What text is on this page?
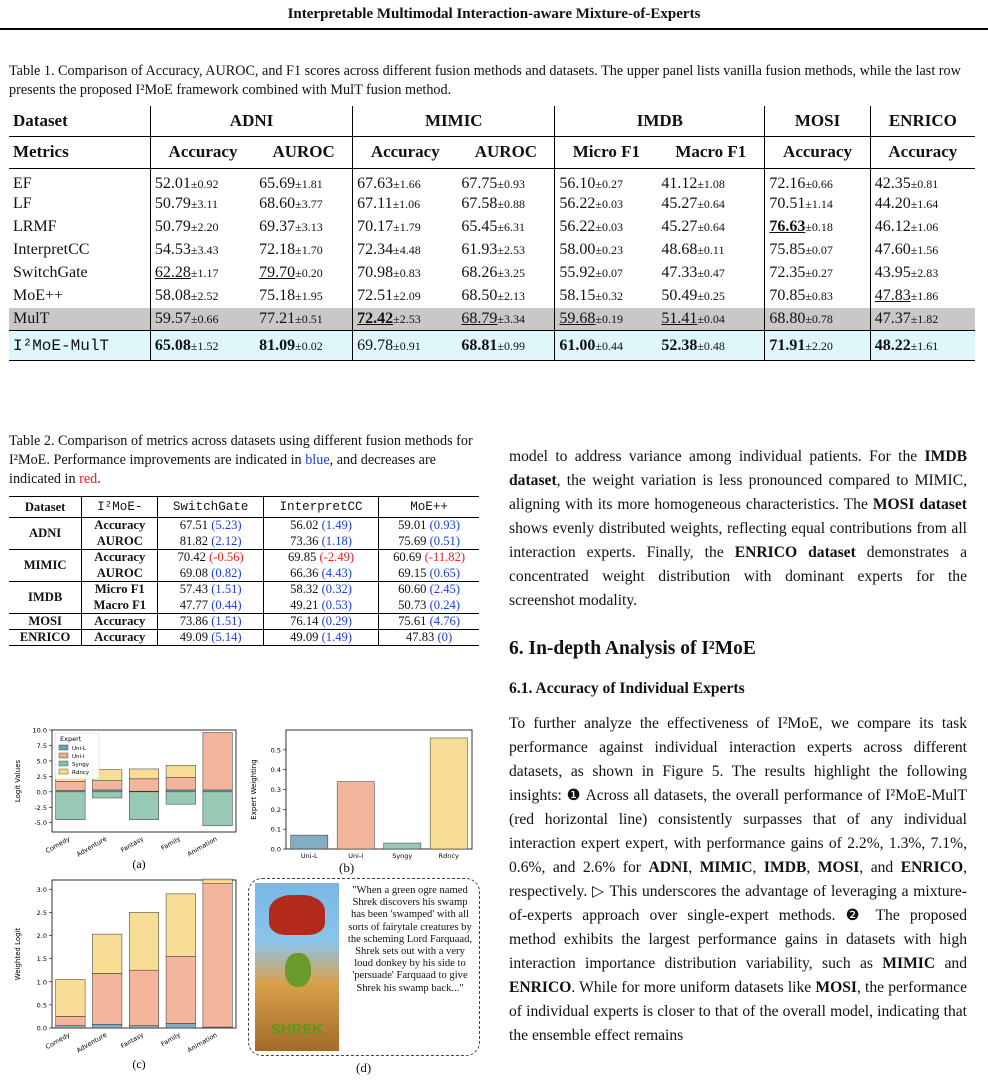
Interpretable Multimodal Interaction-aware Mixture-of-Experts
Table 1. Comparison of Accuracy, AUROC, and F1 scores across different fusion methods and datasets. The upper panel lists vanilla fusion methods, while the last row presents the proposed I²MoE framework combined with MulT fusion method.
Dataset	ADNI		MIMIC		IMDB		MOSI	ENRICO
Metrics	Accuracy	AUROC	Accuracy	AUROC	Micro F1	Macro F1	Accuracy	Accuracy
EF	52.01±0.92	65.69±1.81	67.63±1.66	67.75±0.93	56.10±0.27	41.12±1.08	72.16±0.66	42.35±0.81
LF	50.79±3.11	68.60±3.77	67.11±1.06	67.58±0.88	56.22±0.03	45.27±0.64	70.51±1.14	44.20±1.64
LRMF	50.79±2.20	69.37±3.13	70.17±1.79	65.45±6.31	56.22±0.03	45.27±0.64	76.63±0.18	46.12±1.06
InterpretCC	54.53±3.43	72.18±1.70	72.34±4.48	61.93±2.53	58.00±0.23	48.68±0.11	75.85±0.07	47.60±1.56
SwitchGate	62.28±1.17	79.70±0.20	70.98±0.83	68.26±3.25	55.92±0.07	47.33±0.47	72.35±0.27	43.95±2.83
MoE++	58.08±2.52	75.18±1.95	72.51±2.09	68.50±2.13	58.15±0.32	50.49±0.25	70.85±0.83	47.83±1.86
MulT	59.57±0.66	77.21±0.51	72.42±2.53	68.79±3.34	59.68±0.19	51.41±0.04	68.80±0.78	47.37±1.82
I²MoE-MulT	65.08±1.52	81.09±0.02	69.78±0.91	68.81±0.99	61.00±0.44	52.38±0.48	71.91±2.20	48.22±1.61
Table 2. Comparison of metrics across datasets using different fusion methods for I²MoE. Performance improvements are indicated in blue, and decreases are indicated in red.
Dataset	I²MoE-	SwitchGate	InterpretCC	MoE++
ADNI	Accuracy	67.51 (5.23)	56.02 (1.49)	59.01 (0.93)
	AUROC	81.82 (2.12)	73.36 (1.18)	75.69 (0.51)
MIMIC	Accuracy	70.42 (-0.56)	69.85 (-2.49)	60.69 (-11.82)
	AUROC	69.08 (0.82)	66.36 (4.43)	69.15 (0.65)
IMDB	Micro F1	57.43 (1.51)	58.32 (0.32)	60.60 (2.45)
	Macro F1	47.77 (0.44)	49.21 (0.53)	50.73 (0.24)
MOSI	Accuracy	73.86 (1.51)	76.14 (0.29)	75.61 (4.76)
ENRICO	Accuracy	49.09 (5.14)	49.09 (1.49)	47.83 (0)
-5.0
-2.5
0.0
2.5
5.0
7.5
10.0
Logit Values
Comedy Adventure Fantasy Family Animation
Expert
Uni-L
Uni-I
Syngy
Rdncy
(a)
0.0
0.1
0.2
0.3
0.4
0.5
Expert Weighting
Uni-L	Uni-I	Syngy	Rdncy
0.0
0.5
1.0
1.5
2.0
2.5
3.0
Weighted Logit
Comedy Adventure Fantasy Family Animation
(c)
SHREK
"When a green ogre named Shrek discovers his swamp has been 'swamped' with all sorts of fairytale creatures by the scheming Lord Farquaad, Shrek sets out with a very loud donkey by his side to 'persuade' Farquaad to give Shrek his swamp back..."
(b)
(d)
model to address variance among individual patients. For the IMDB dataset, the weight variation is less pronounced compared to MIMIC, aligning with its more homogeneous characteristics. The MOSI dataset shows evenly distributed weights, reflecting equal contributions from all interaction experts. Finally, the ENRICO dataset demonstrates a concentrated weight distribution with dominant experts for the screenshot modality.
6. In-depth Analysis of I²MoE
6.1. Accuracy of Individual Experts
To further analyze the effectiveness of I²MoE, we compare its task performance against individual interaction experts across different datasets, as shown in Figure 5. The results highlight the following insights: ❶ Across all datasets, the overall performance of I²MoE-MulT (red horizontal line) consistently surpasses that of any individual interaction expert expert, with performance gains of 2.2%, 1.3%, 7.1%, 0.6%, and 2.6% for ADNI, MIMIC, IMDB, MOSI, and ENRICO, respectively. ▷ This underscores the advantage of leveraging a mixture-of-experts approach over single-expert methods. ❷ The proposed method exhibits the largest performance gains in datasets with high interaction importance distribution variability, such as MIMIC and ENRICO. While for more uniform datasets like MOSI, the performance of individual experts is closer to that of the overall model, indicating that the ensemble effect remains
